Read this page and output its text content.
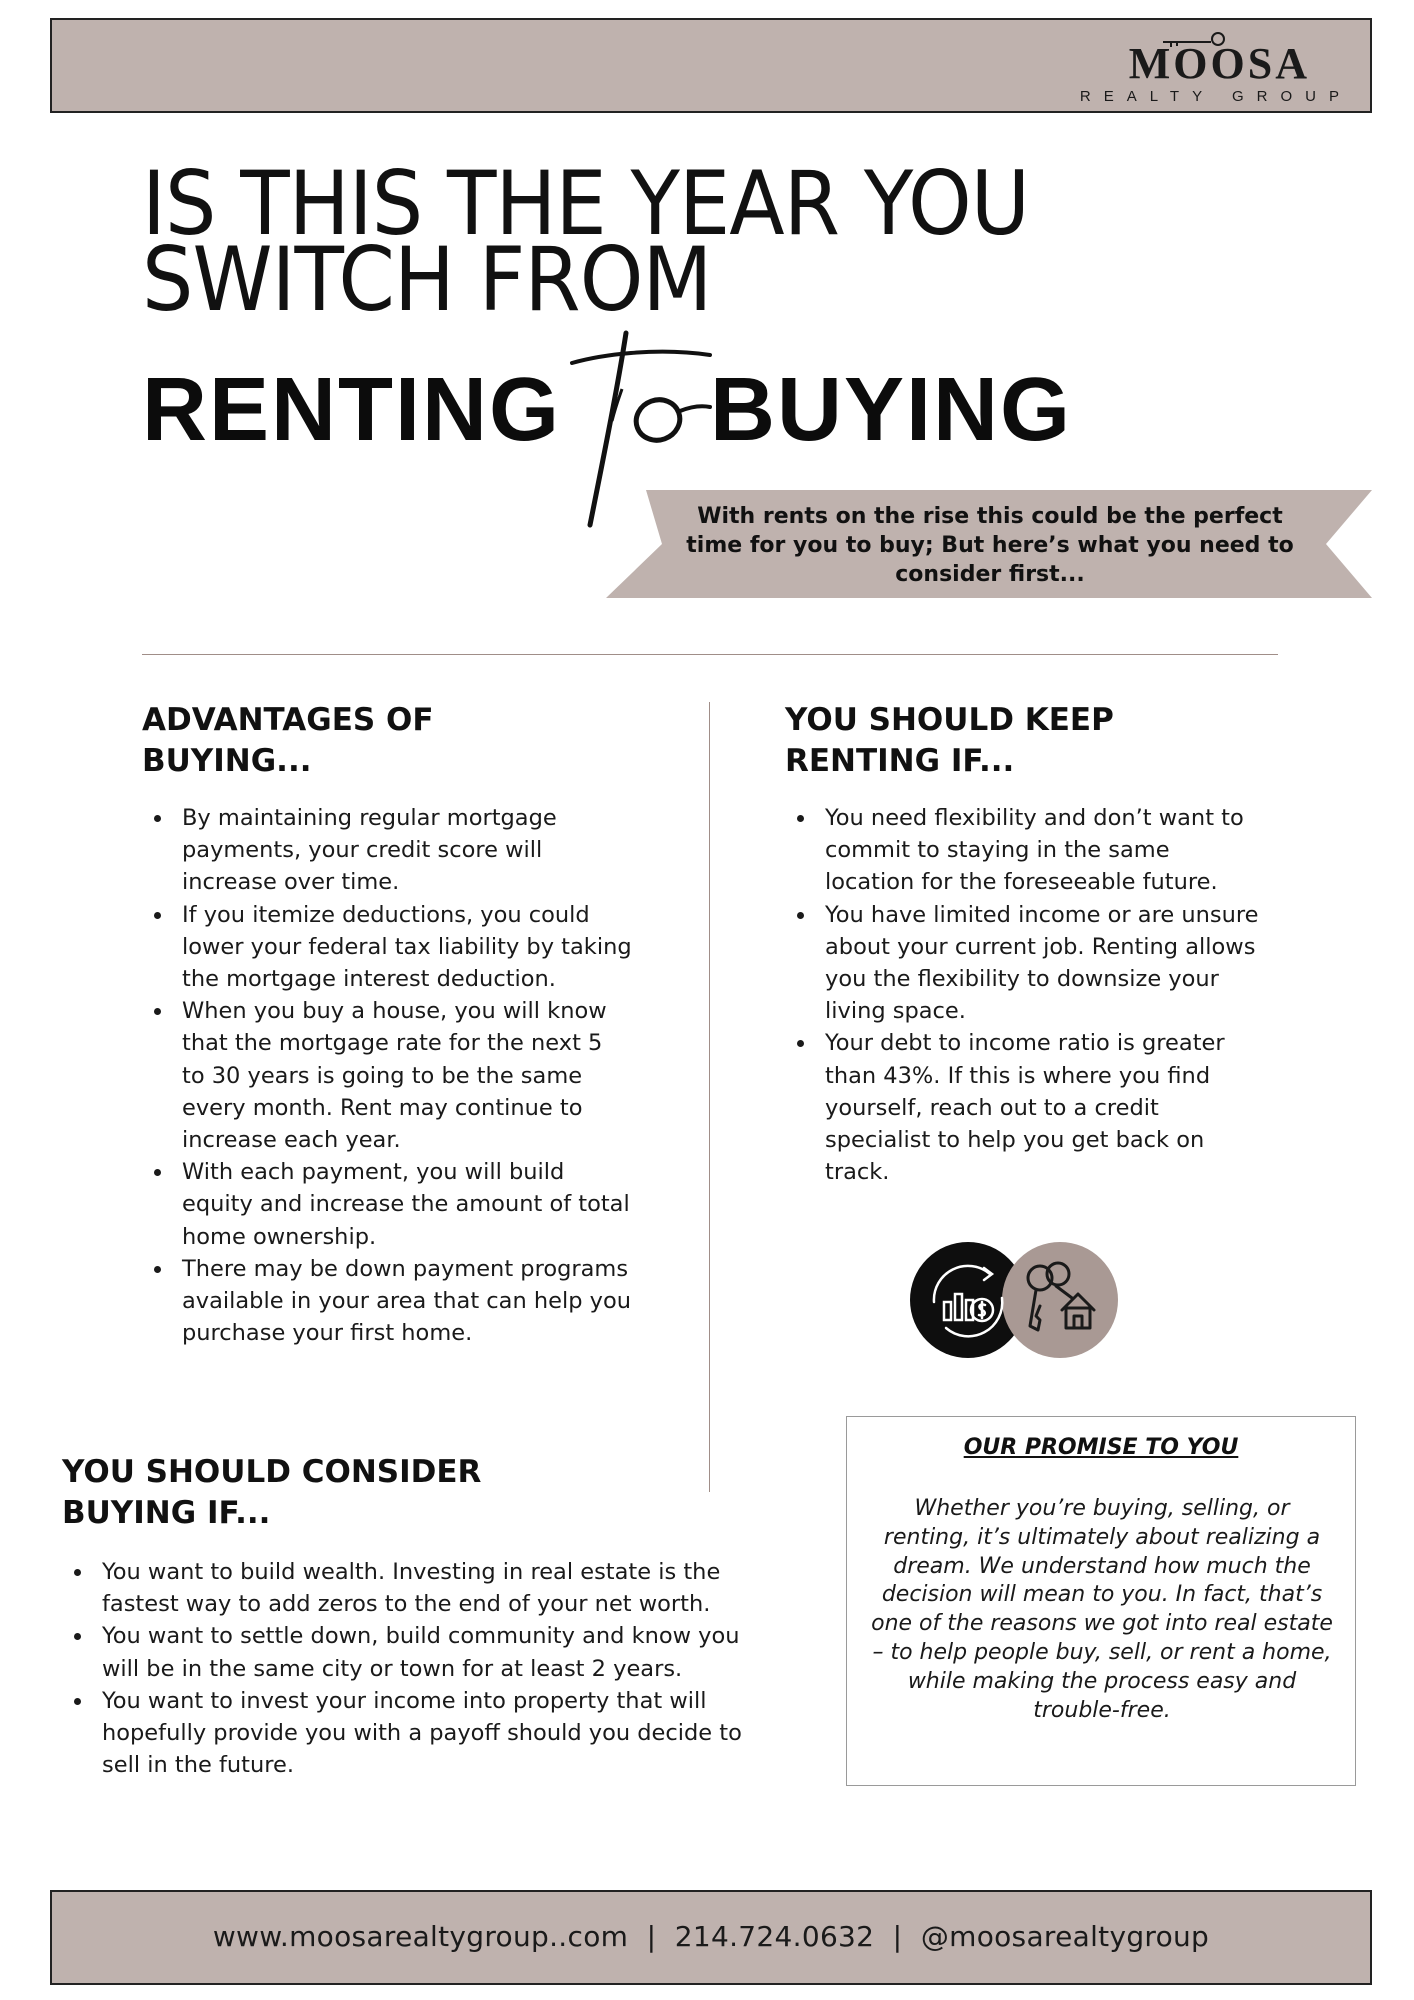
MOOSA
REALTY GROUP
IS THIS THE YEAR YOU
SWITCH FROM
RENTING BUYING
With rents on the rise this could be the perfect time for you to buy; But here’s what you need to consider first...
ADVANTAGES OF BUYING...
By maintaining regular mortgage payments, your credit score will increase over time.
If you itemize deductions, you could lower your federal tax liability by taking the mortgage interest deduction.
When you buy a house, you will know that the mortgage rate for the next 5 to 30 years is going to be the same every month. Rent may continue to increase each year.
With each payment, you will build equity and increase the amount of total home ownership.
There may be down payment programs available in your area that can help you purchase your first home.
YOU SHOULD KEEP RENTING IF...
You need flexibility and don’t want to commit to staying in the same location for the foreseeable future.
You have limited income or are unsure about your current job. Renting allows you the flexibility to downsize your living space.
Your debt to income ratio is greater than 43%. If this is where you find yourself, reach out to a credit specialist to help you get back on track.
OUR PROMISE TO YOU
Whether you’re buying, selling, or renting, it’s ultimately about realizing a dream. We understand how much the decision will mean to you. In fact, that’s one of the reasons we got into real estate – to help people buy, sell, or rent a home, while making the process easy and trouble-free.
YOU SHOULD CONSIDER BUYING IF...
You want to build wealth. Investing in real estate is the fastest way to add zeros to the end of your net worth.
You want to settle down, build community and know you will be in the same city or town for at least 2 years.
You want to invest your income into property that will hopefully provide you with a payoff should you decide to sell in the future.
www.moosarealtygroup..com  |  214.724.0632  |  @moosarealtygroup
